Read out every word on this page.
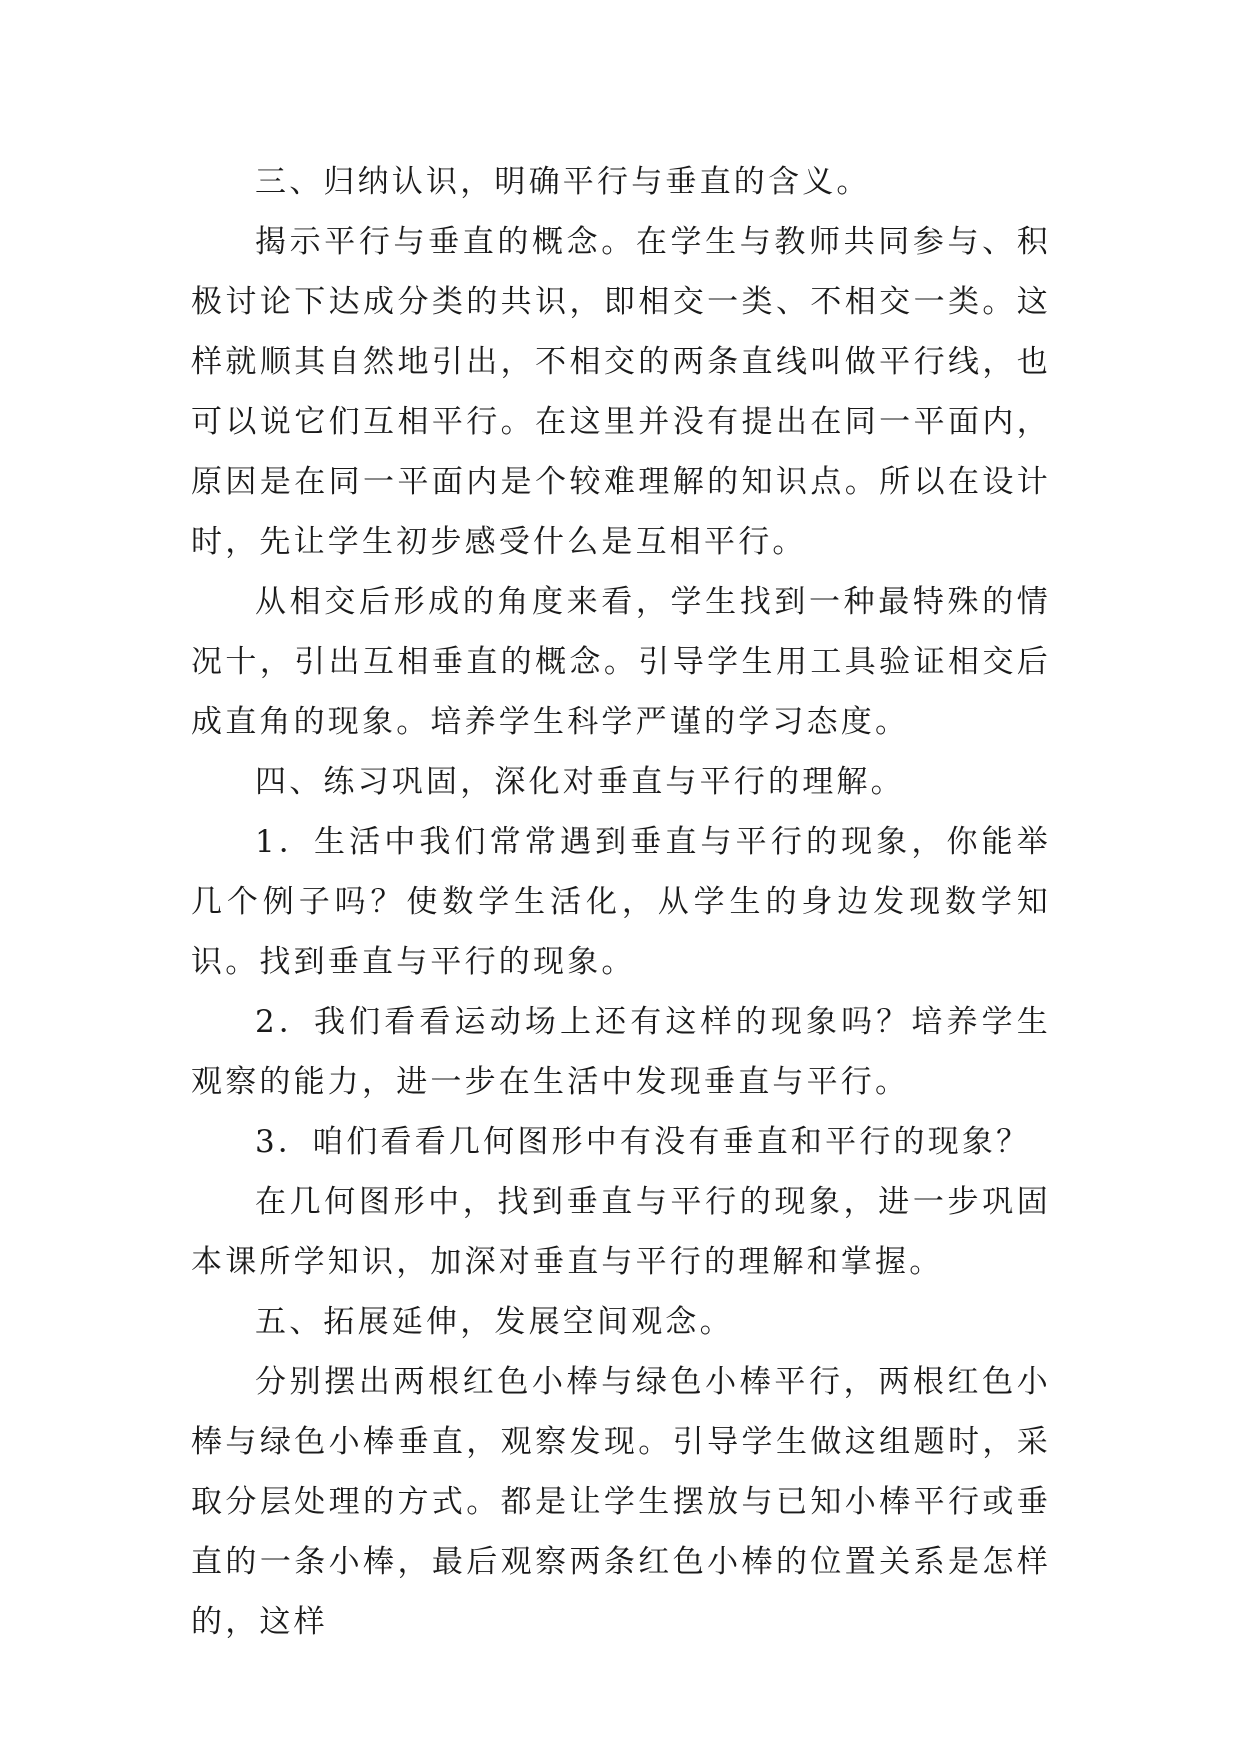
三、归纳认识，明确平行与垂直的含义。

揭示平行与垂直的概念。在学生与教师共同参与、积极讨论下达成分类的共识，即相交一类、不相交一类。这样就顺其自然地引出，不相交的两条直线叫做平行线，也可以说它们互相平行。在这里并没有提出在同一平面内，原因是在同一平面内是个较难理解的知识点。所以在设计时，先让学生初步感受什么是互相平行。

从相交后形成的角度来看，学生找到一种最特殊的情况十，引出互相垂直的概念。引导学生用工具验证相交后成直角的现象。培养学生科学严谨的学习态度。

四、练习巩固，深化对垂直与平行的理解。

1．生活中我们常常遇到垂直与平行的现象，你能举几个例子吗？使数学生活化，从学生的身边发现数学知识。找到垂直与平行的现象。

2．我们看看运动场上还有这样的现象吗？培养学生观察的能力，进一步在生活中发现垂直与平行。

3．咱们看看几何图形中有没有垂直和平行的现象？

在几何图形中，找到垂直与平行的现象，进一步巩固本课所学知识，加深对垂直与平行的理解和掌握。

五、拓展延伸，发展空间观念。

分别摆出两根红色小棒与绿色小棒平行，两根红色小棒与绿色小棒垂直，观察发现。引导学生做这组题时，采取分层处理的方式。都是让学生摆放与已知小棒平行或垂直的一条小棒，最后观察两条红色小棒的位置关系是怎样的，这样
